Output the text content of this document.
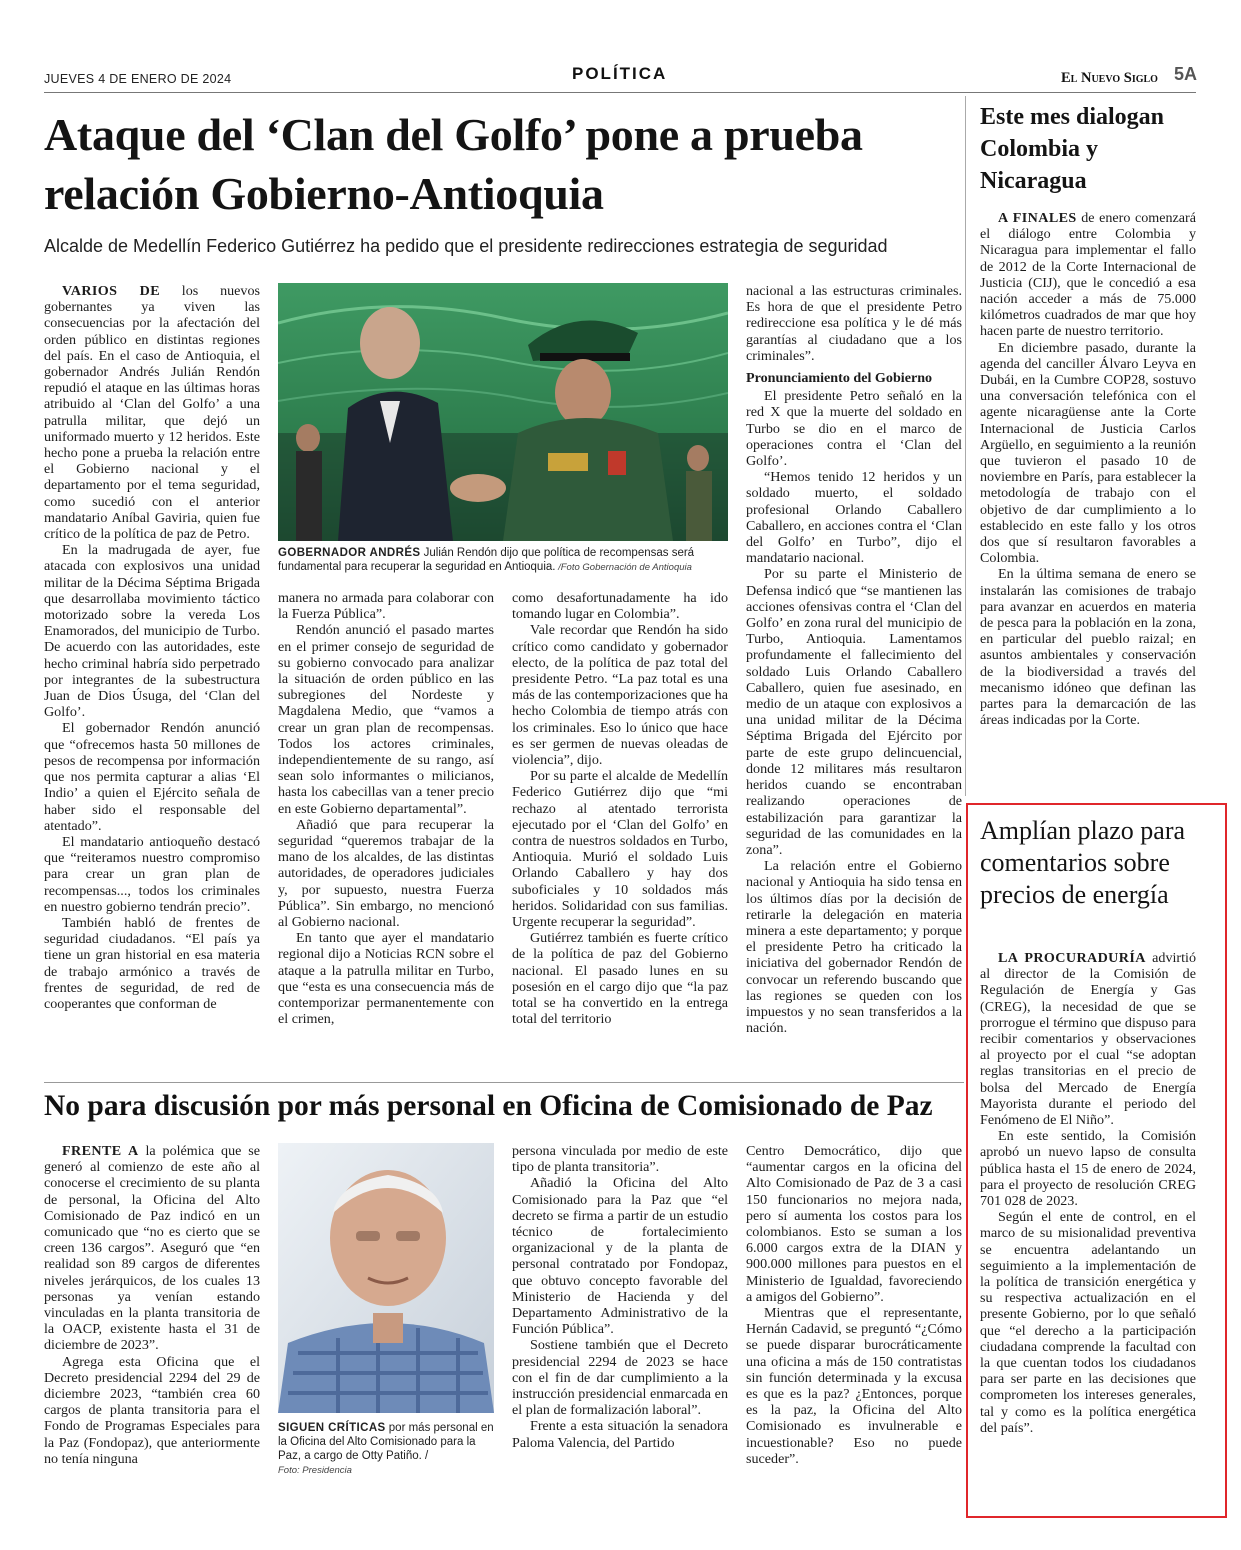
JUEVES 4 DE ENERO DE 2024	POLÍTICA	El Nuevo Siglo 5A
Ataque del ‘Clan del Golfo’ pone a prueba relación Gobierno-Antioquia
Alcalde de Medellín Federico Gutiérrez ha pedido que el presidente redirecciones estrategia de seguridad

VARIOS DE los nuevos gobernantes ya viven las consecuencias por la afectación del orden público en distintas regiones del país. En el caso de Antioquia, el gobernador Andrés Julián Rendón repudió el ataque en las últimas horas atribuido al ‘Clan del Golfo’ a una patrulla militar, que dejó un uniformado muerto y 12 heridos. Este hecho pone a prueba la relación entre el Gobierno nacional y el departamento por el tema seguridad, como sucedió con el anterior mandatario Aníbal Gaviria, quien fue crítico de la política de paz de Petro.

En la madrugada de ayer, fue atacada con explosivos una unidad militar de la Décima Séptima Brigada que desarrollaba movimiento táctico motorizado sobre la vereda Los Enamorados, del municipio de Turbo. De acuerdo con las autoridades, este hecho criminal habría sido perpetrado por integrantes de la subestructura Juan de Dios Úsuga, del ‘Clan del Golfo’.

El gobernador Rendón anunció que “ofrecemos hasta 50 millones de pesos de recompensa por información que nos permita capturar a alias ‘El Indio’ a quien el Ejército señala de haber sido el responsable del atentado”.

El mandatario antioqueño destacó que “reiteramos nuestro compromiso para crear un gran plan de recompensas..., todos los criminales en nuestro gobierno tendrán precio”.

También habló de frentes de seguridad ciudadanos. “El país ya tiene un gran historial en esa materia de trabajo armónico a través de frentes de seguridad, de red de cooperantes que conforman de

GOBERNADOR ANDRÉS Julián Rendón dijo que política de recompensas será fundamental para recuperar la seguridad en Antioquia. /Foto Gobernación de Antioquia

manera no armada para colaborar con la Fuerza Pública”.

Rendón anunció el pasado martes en el primer consejo de seguridad de su gobierno convocado para analizar la situación de orden público en las subregiones del Nordeste y Magdalena Medio, que “vamos a crear un gran plan de recompensas. Todos los actores criminales, independientemente de su rango, así sean solo informantes o milicianos, hasta los cabecillas van a tener precio en este Gobierno departamental”.

Añadió que para recuperar la seguridad “queremos trabajar de la mano de los alcaldes, de las distintas autoridades, de operadores judiciales y, por supuesto, nuestra Fuerza Pública”. Sin embargo, no mencionó al Gobierno nacional.

En tanto que ayer el mandatario regional dijo a Noticias RCN sobre el ataque a la patrulla militar en Turbo, que “esta es una consecuencia más de contemporizar permanentemente con el crimen,

como desafortunadamente ha ido tomando lugar en Colombia”.

Vale recordar que Rendón ha sido crítico como candidato y gobernador electo, de la política de paz total del presidente Petro. “La paz total es una más de las contemporizaciones que ha hecho Colombia de tiempo atrás con los criminales. Eso lo único que hace es ser germen de nuevas oleadas de violencia”, dijo.

Por su parte el alcalde de Medellín Federico Gutiérrez dijo que “mi rechazo al atentado terrorista ejecutado por el ‘Clan del Golfo’ en contra de nuestros soldados en Turbo, Antioquia. Murió el soldado Luis Orlando Caballero y hay dos suboficiales y 10 soldados más heridos. Solidaridad con sus familias. Urgente recuperar la seguridad”.

Gutiérrez también es fuerte crítico de la política de paz del Gobierno nacional. El pasado lunes en su posesión en el cargo dijo que “la paz total se ha convertido en la entrega total del territorio

nacional a las estructuras criminales. Es hora de que el presidente Petro redireccione esa política y le dé más garantías al ciudadano que a los criminales”.

Pronunciamiento del Gobierno

El presidente Petro señaló en la red X que la muerte del soldado en Turbo se dio en el marco de operaciones contra el ‘Clan del Golfo’.

“Hemos tenido 12 heridos y un soldado muerto, el soldado profesional Orlando Caballero Caballero, en acciones contra el ‘Clan del Golfo’ en Turbo”, dijo el mandatario nacional.

Por su parte el Ministerio de Defensa indicó que “se mantienen las acciones ofensivas contra el ‘Clan del Golfo’ en zona rural del municipio de Turbo, Antioquia. Lamentamos profundamente el fallecimiento del soldado Luis Orlando Caballero Caballero, quien fue asesinado, en medio de un ataque con explosivos a una unidad militar de la Décima Séptima Brigada del Ejército por parte de este grupo delincuencial, donde 12 militares más resultaron heridos cuando se encontraban realizando operaciones de estabilización para garantizar la seguridad de las comunidades en la zona”.

La relación entre el Gobierno nacional y Antioquia ha sido tensa en los últimos días por la decisión de retirarle la delegación en materia minera a este departamento; y porque el presidente Petro ha criticado la iniciativa del gobernador Rendón de convocar un referendo buscando que las regiones se queden con los impuestos y no sean transferidos a la nación.

No para discusión por más personal en Oficina de Comisionado de Paz

FRENTE A la polémica que se generó al comienzo de este año al conocerse el crecimiento de su planta de personal, la Oficina del Alto Comisionado de Paz indicó en un comunicado que “no es cierto que se creen 136 cargos”. Aseguró que “en realidad son 89 cargos de diferentes niveles jerárquicos, de los cuales 13 personas ya venían estando vinculadas en la planta transitoria de la OACP, existente hasta el 31 de diciembre de 2023”.

Agrega esta Oficina que el Decreto presidencial 2294 del 29 de diciembre 2023, “también crea 60 cargos de planta transitoria para el Fondo de Programas Especiales para la Paz (Fondopaz), que anteriormente no tenía ninguna

SIGUEN CRÍTICAS por más personal en la Oficina del Alto Comisionado para la Paz, a cargo de Otty Patiño. /
Foto: Presidencia

persona vinculada por medio de este tipo de planta transitoria”.

Añadió la Oficina del Alto Comisionado para la Paz que “el decreto se firma a partir de un estudio técnico de fortalecimiento organizacional y de la planta de personal contratado por Fondopaz, que obtuvo concepto favorable del Ministerio de Hacienda y del Departamento Administrativo de la Función Pública”.

Sostiene también que el Decreto presidencial 2294 de 2023 se hace con el fin de dar cumplimiento a la instrucción presidencial enmarcada en el plan de formalización laboral”.

Frente a esta situación la senadora Paloma Valencia, del Partido

Centro Democrático, dijo que “aumentar cargos en la oficina del Alto Comisionado de Paz de 3 a casi 150 funcionarios no mejora nada, pero sí aumenta los costos para los colombianos. Esto se suman a los 6.000 cargos extra de la DIAN y 900.000 millones para puestos en el Ministerio de Igualdad, favoreciendo a amigos del Gobierno”.

Mientras que el representante, Hernán Cadavid, se preguntó “¿Cómo se puede disparar burocráticamente una oficina a más de 150 contratistas sin función determinada y la excusa es que es la paz? ¿Entonces, porque es la paz, la Oficina del Alto Comisionado es invulnerable e incuestionable? Eso no puede suceder”.

Este mes dialogan Colombia y Nicaragua

A FINALES de enero comenzará el diálogo entre Colombia y Nicaragua para implementar el fallo de 2012 de la Corte Internacional de Justicia (CIJ), que le concedió a esa nación acceder a más de 75.000 kilómetros cuadrados de mar que hoy hacen parte de nuestro territorio.

En diciembre pasado, durante la agenda del canciller Álvaro Leyva en Dubái, en la Cumbre COP28, sostuvo una conversación telefónica con el agente nicaragüense ante la Corte Internacional de Justicia Carlos Argüello, en seguimiento a la reunión que tuvieron el pasado 10 de noviembre en París, para establecer la metodología de trabajo con el objetivo de dar cumplimiento a lo establecido en este fallo y los otros dos que sí resultaron favorables a Colombia.

En la última semana de enero se instalarán las comisiones de trabajo para avanzar en acuerdos en materia de pesca para la población en la zona, en particular del pueblo raizal; en asuntos ambientales y conservación de la biodiversidad a través del mecanismo idóneo que definan las partes para la demarcación de las áreas indicadas por la Corte.

Amplían plazo para comentarios sobre precios de energía

LA PROCURADURÍA advirtió al director de la Comisión de Regulación de Energía y Gas (CREG), la necesidad de que se prorrogue el término que dispuso para recibir comentarios y observaciones al proyecto por el cual “se adoptan reglas transitorias en el precio de bolsa del Mercado de Energía Mayorista durante el periodo del Fenómeno de El Niño”.

En este sentido, la Comisión aprobó un nuevo lapso de consulta pública hasta el 15 de enero de 2024, para el proyecto de resolución CREG 701 028 de 2023.

Según el ente de control, en el marco de su misionalidad preventiva se encuentra adelantando un seguimiento a la implementación de la política de transición energética y su respectiva actualización en el presente Gobierno, por lo que señaló que “el derecho a la participación ciudadana comprende la facultad con la que cuentan todos los ciudadanos para ser parte en las decisiones que comprometen los intereses generales, tal y como es la política energética del país”.
